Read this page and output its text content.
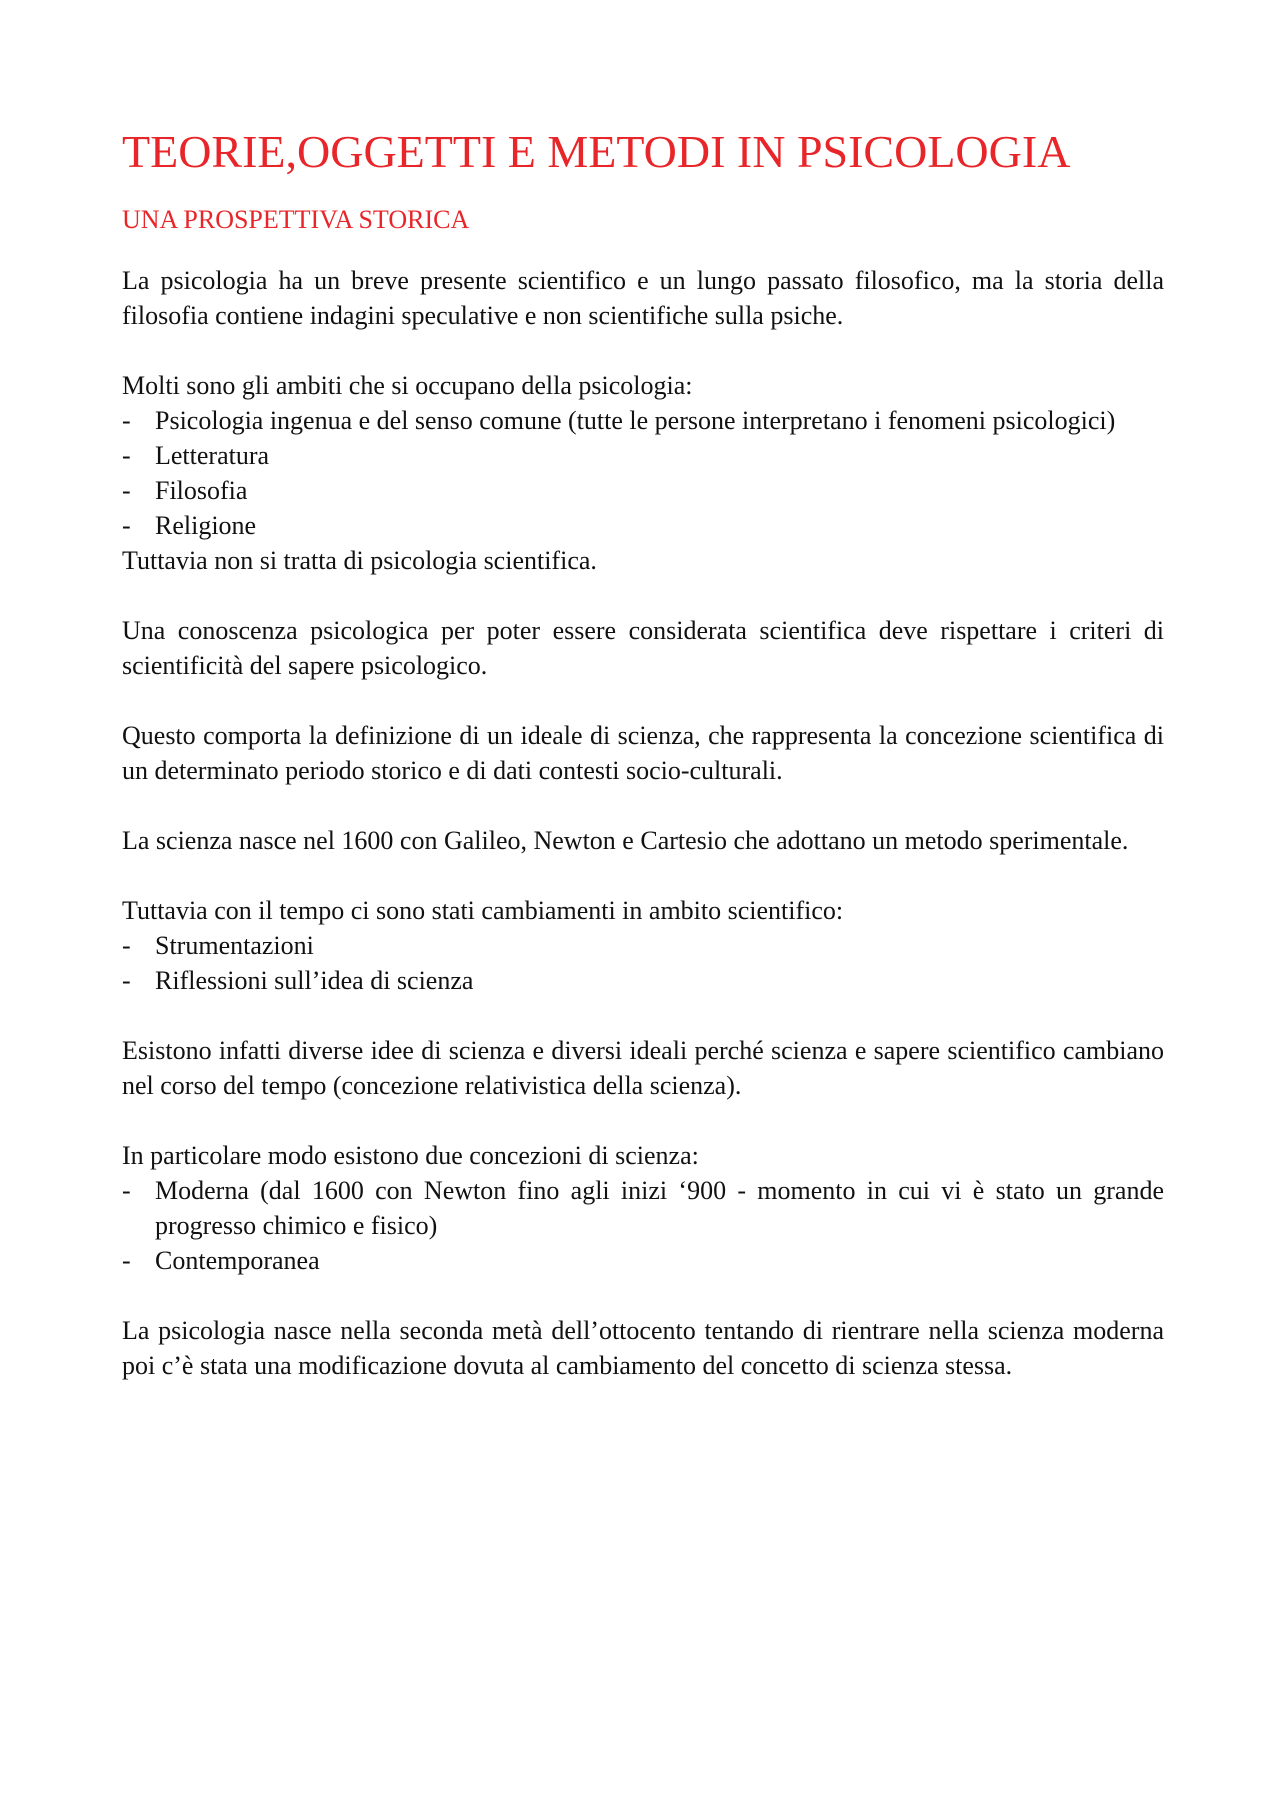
TEORIE,OGGETTI E METODI IN PSICOLOGIA
UNA PROSPETTIVA STORICA

La psicologia ha un breve presente scientifico e un lungo passato filosofico, ma la storia della filosofia contiene indagini speculative e non scientifiche sulla psiche.

Molti sono gli ambiti che si occupano della psicologia:

- Psicologia ingenua e del senso comune (tutte le persone interpretano i fenomeni psicologici)
- Letteratura
- Filosofia
- Religione

Tuttavia non si tratta di psicologia scientifica.

Una conoscenza psicologica per poter essere considerata scientifica deve rispettare i criteri di scientificità del sapere psicologico.

Questo comporta la definizione di un ideale di scienza, che rappresenta la concezione scientifica di un determinato periodo storico e di dati contesti socio-culturali.

La scienza nasce nel 1600 con Galileo, Newton e Cartesio che adottano un metodo sperimentale.

Tuttavia con il tempo ci sono stati cambiamenti in ambito scientifico:

- Strumentazioni
- Riflessioni sull’idea di scienza

Esistono infatti diverse idee di scienza e diversi ideali perché scienza e sapere scientifico cambiano nel corso del tempo (concezione relativistica della scienza).

In particolare modo esistono due concezioni di scienza:

- Moderna (dal 1600 con Newton fino agli inizi ‘900 - momento in cui vi è stato un grande progresso chimico e fisico)
- Contemporanea

La psicologia nasce nella seconda metà dell’ottocento tentando di rientrare nella scienza moderna poi c’è stata una modificazione dovuta al cambiamento del concetto di scienza stessa.
